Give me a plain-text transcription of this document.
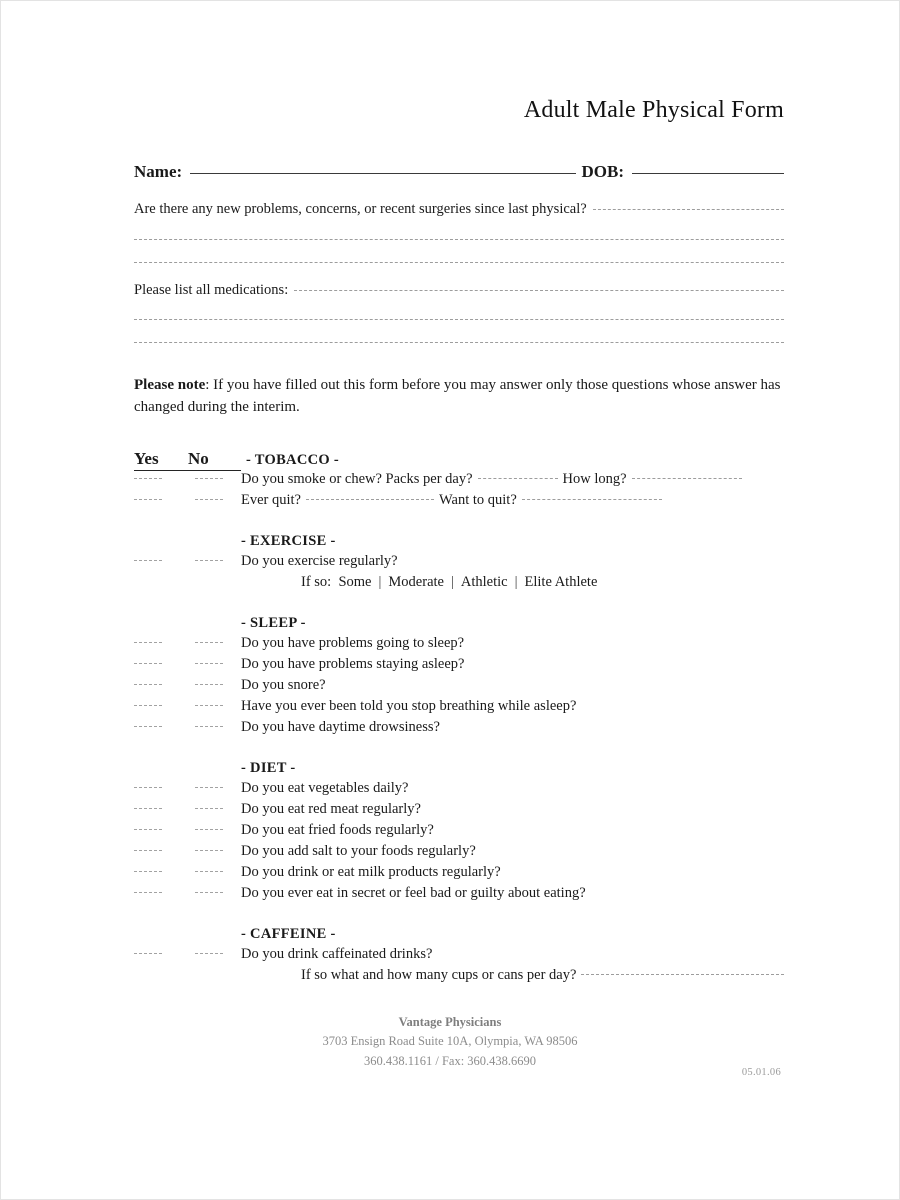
Adult Male Physical Form
Name:	DOB:
Are there any new problems, concerns, or recent surgeries since last physical?
Please list all medications:

Please note: If you have filled out this form before you may answer only those questions whose answer has changed during the interim.

Yes	No	- TOBACCO -
Do you smoke or chew? Packs per day?	How long?
Ever quit?	Want to quit?
- EXERCISE -
Do you exercise regularly?
If so:
Some | Moderate | Athletic | Elite Athlete
- SLEEP -
Do you have problems going to sleep?
Do you have problems staying asleep?
Do you snore?
Have you ever been told you stop breathing while asleep?
Do you have daytime drowsiness?
- DIET -
Do you eat vegetables daily?
Do you eat red meat regularly?
Do you eat fried foods regularly?
Do you add salt to your foods regularly?
Do you drink or eat milk products regularly?
Do you ever eat in secret or feel bad or guilty about eating?
- CAFFEINE -
Do you drink caffeinated drinks?
If so what and how many cups or cans per day?
Vantage Physicians
3703 Ensign Road Suite 10A, Olympia, WA 98506
360.438.1161 / Fax: 360.438.6690
05.01.06
